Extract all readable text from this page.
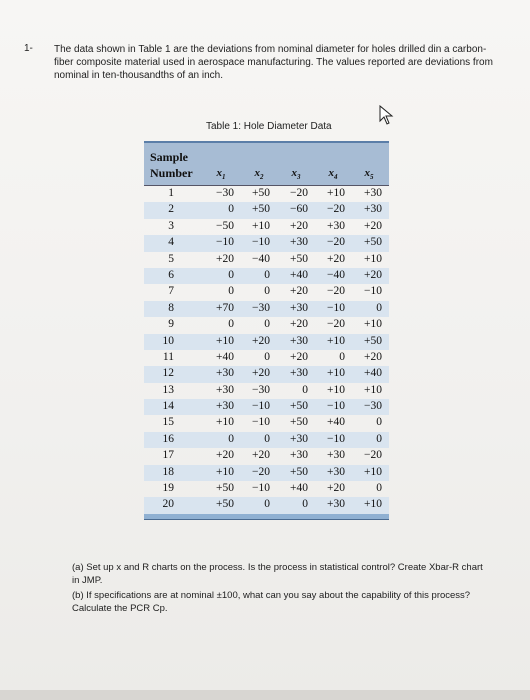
1- The data shown in Table 1 are the deviations from nominal diameter for holes drilled din a carbon-fiber composite material used in aerospace manufacturing. The values reported are deviations from nominal in ten-thousandths of an inch.
Table 1: Hole Diameter Data
Sample
Number	$x_1$	$x_2$	$x_3$	$x_4$	$x_5$
1	−30	+50	−20	+10	+30
2	0	+50	−60	−20	+30
3	−50	+10	+20	+30	+20
4	−10	−10	+30	−20	+50
5	+20	−40	+50	+20	+10
6	0	0	+40	−40	+20
7	0	0	+20	−20	−10
8	+70	−30	+30	−10	0
9	0	0	+20	−20	+10
10	+10	+20	+30	+10	+50
11	+40	0	+20	0	+20
12	+30	+20	+30	+10	+40
13	+30	−30	0	+10	+10
14	+30	−10	+50	−10	−30
15	+10	−10	+50	+40	0
16	0	0	+30	−10	0
17	+20	+20	+30	+30	−20
18	+10	−20	+50	+30	+10
19	+50	−10	+40	+20	0
20	+50	0	0	+30	+10
(a) Set up x and R charts on the process. Is the process in statistical control? Create Xbar-R chart in JMP.
(b) If specifications are at nominal ±100, what can you say about the capability of this process? Calculate the PCR Cp.
